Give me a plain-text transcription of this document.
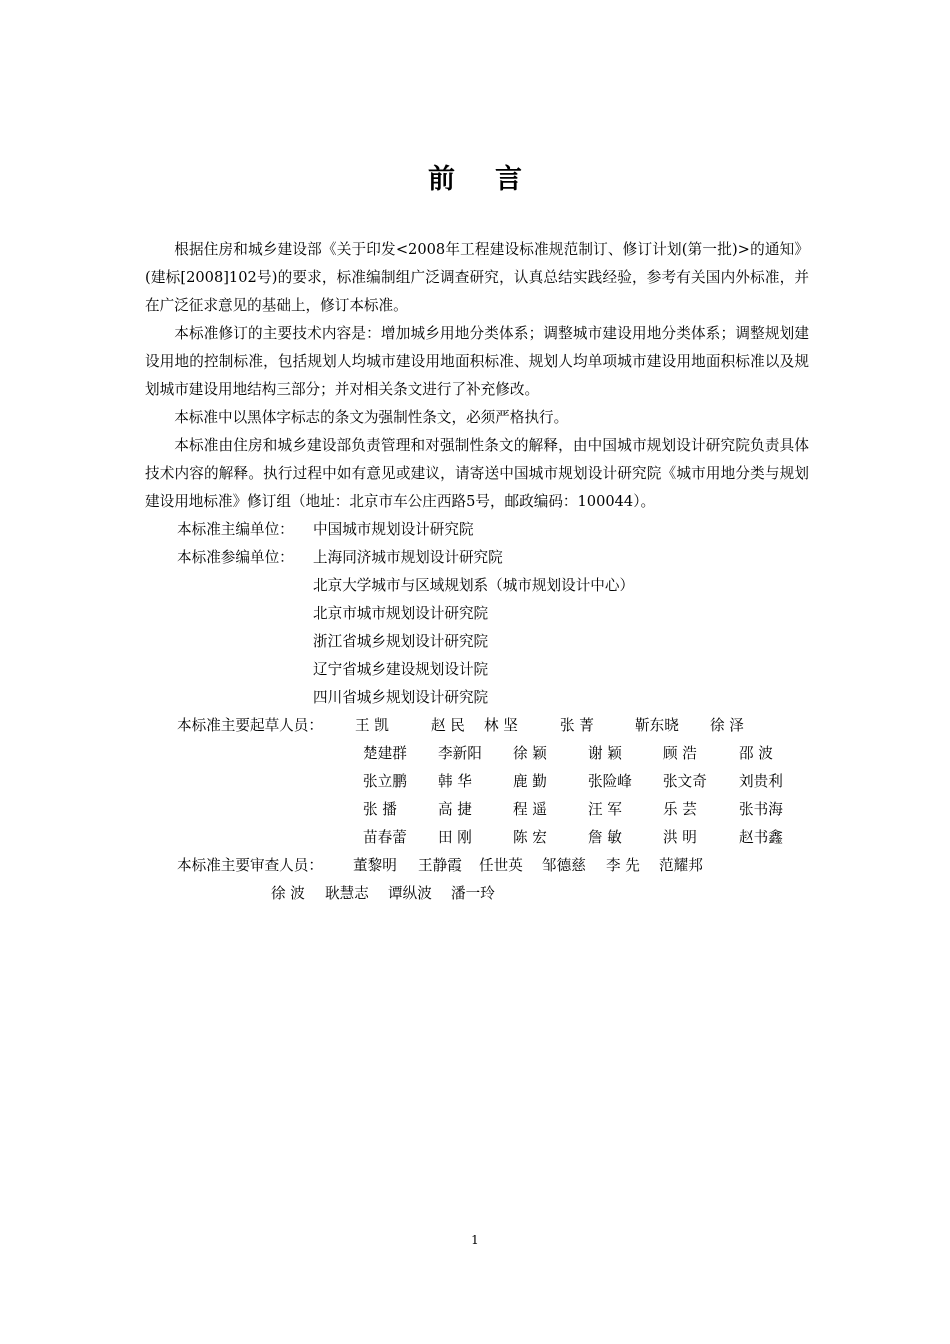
前言

根据住房和城乡建设部《关于印发<2008年工程建设标准规范制订、修订计划(第一批)>的通知》(建标[2008]102号)的要求，标准编制组广泛调查研究，认真总结实践经验，参考有关国内外标准，并在广泛征求意见的基础上，修订本标准。

本标准修订的主要技术内容是：增加城乡用地分类体系；调整城市建设用地分类体系；调整规划建设用地的控制标准，包括规划人均城市建设用地面积标准、规划人均单项城市建设用地面积标准以及规划城市建设用地结构三部分；并对相关条文进行了补充修改。

本标准中以黑体字标志的条文为强制性条文，必须严格执行。

本标准由住房和城乡建设部负责管理和对强制性条文的解释，由中国城市规划设计研究院负责具体技术内容的解释。执行过程中如有意见或建议，请寄送中国城市规划设计研究院《城市用地分类与规划建设用地标准》修订组（地址：北京市车公庄西路5号，邮政编码：100044）。

本标准主编单位： 中国城市规划设计研究院
本标准参编单位： 上海同济城市规划设计研究院
北京大学城市与区域规划系（城市规划设计中心）
北京市城市规划设计研究院
浙江省城乡规划设计研究院
辽宁省城乡建设规划设计院
四川省城乡规划设计研究院
本标准主要起草人员： 王 凯	赵 民	林 坚	张 菁	靳东晓	徐 泽
楚建群	李新阳	徐 颖	谢 颖	顾 浩	邵 波
张立鹏	韩 华	鹿 勤	张险峰	张文奇	刘贵利
张 播	高 捷	程 遥	汪 军	乐 芸	张书海
苗春蕾	田 刚	陈 宏	詹 敏	洪 明	赵书鑫
本标准主要审查人员： 董黎明 王静霞 任世英 邹德慈 李 先 范耀邦
徐 波 耿慧志 谭纵波 潘一玲
1
